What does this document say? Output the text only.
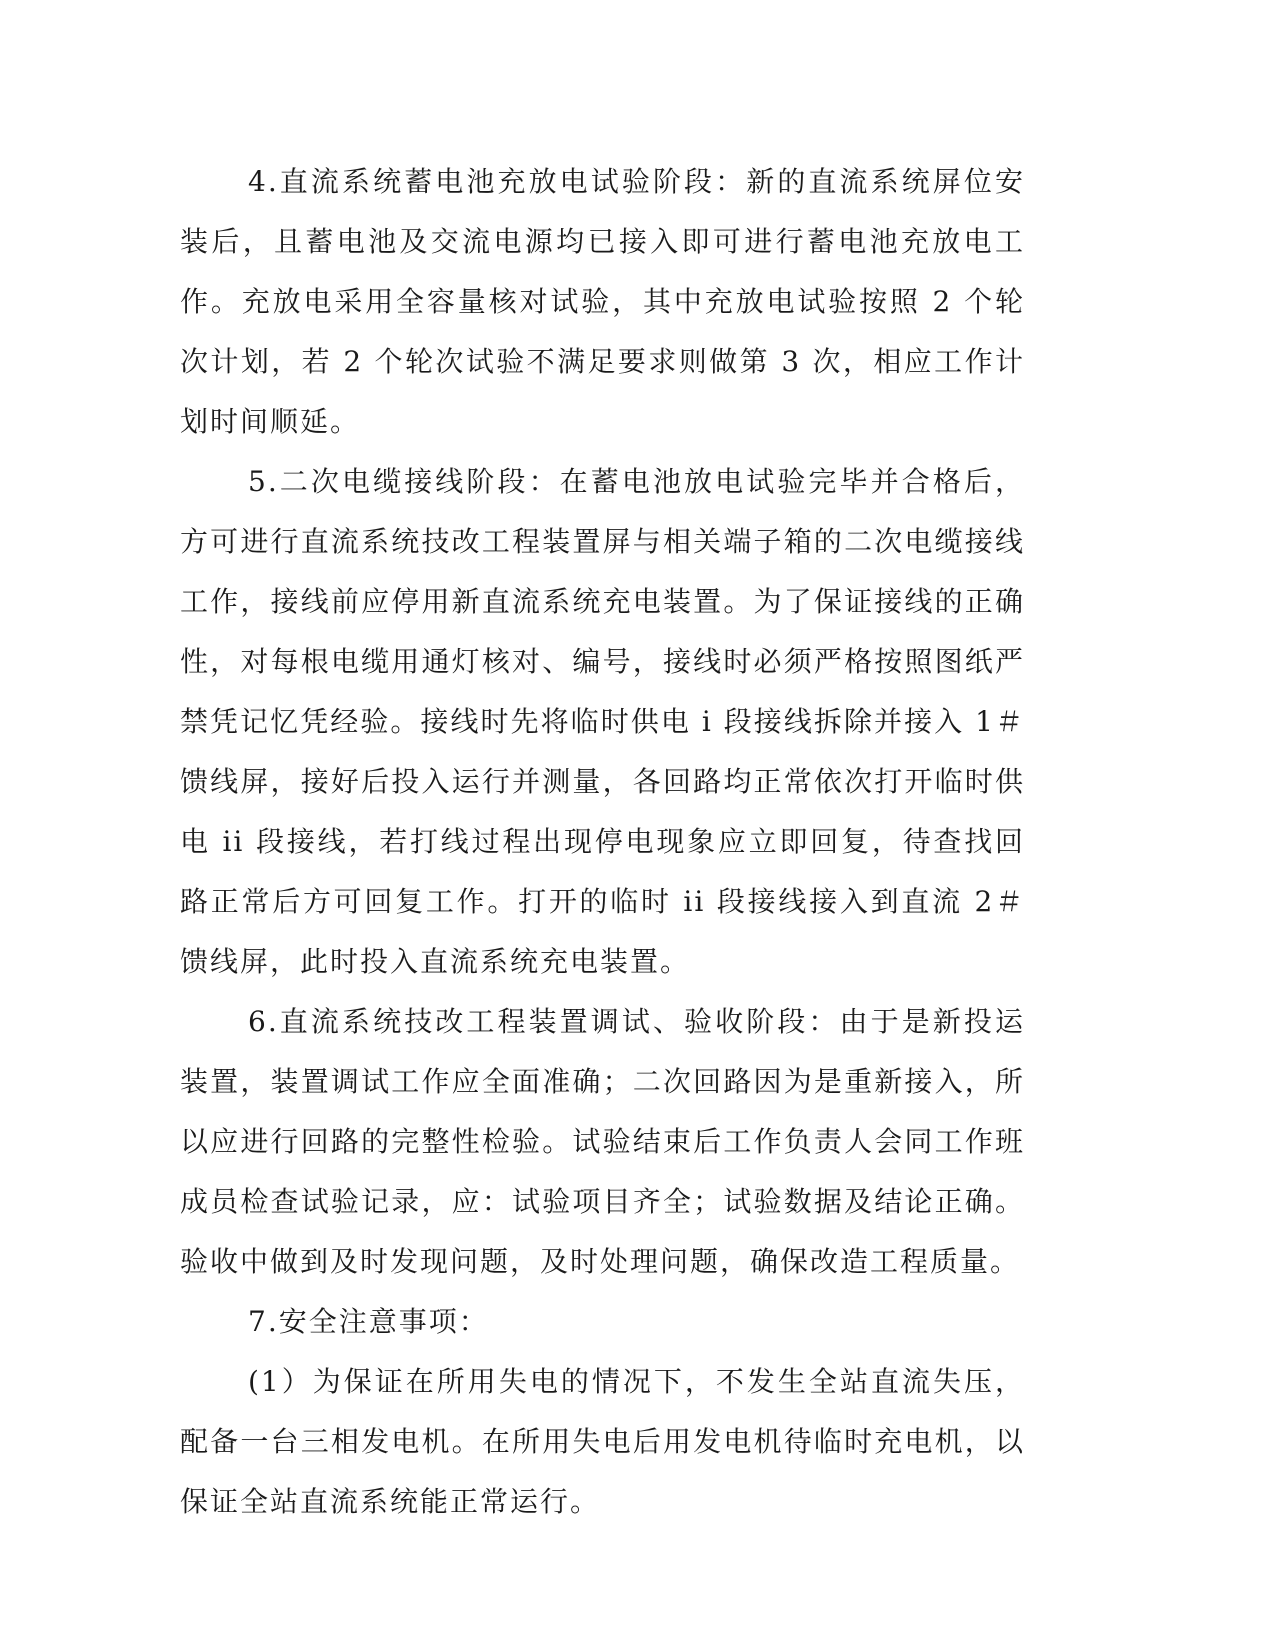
4.直流系统蓄电池充放电试验阶段：新的直流系统屏位安装后，且蓄电池及交流电源均已接入即可进行蓄电池充放电工作。充放电采用全容量核对试验，其中充放电试验按照 2 个轮次计划，若 2 个轮次试验不满足要求则做第 3 次，相应工作计划时间顺延。

5.二次电缆接线阶段：在蓄电池放电试验完毕并合格后，方可进行直流系统技改工程装置屏与相关端子箱的二次电缆接线工作，接线前应停用新直流系统充电装置。为了保证接线的正确性，对每根电缆用通灯核对、编号，接线时必须严格按照图纸严禁凭记忆凭经验。接线时先将临时供电 i 段接线拆除并接入 1＃馈线屏，接好后投入运行并测量，各回路均正常依次打开临时供电 ii 段接线，若打线过程出现停电现象应立即回复，待查找回路正常后方可回复工作。打开的临时 ii 段接线接入到直流 2＃馈线屏，此时投入直流系统充电装置。

6.直流系统技改工程装置调试、验收阶段：由于是新投运装置，装置调试工作应全面准确；二次回路因为是重新接入，所以应进行回路的完整性检验。试验结束后工作负责人会同工作班成员检查试验记录，应：试验项目齐全；试验数据及结论正确。验收中做到及时发现问题，及时处理问题，确保改造工程质量。

7.安全注意事项：

(1）为保证在所用失电的情况下，不发生全站直流失压，配备一台三相发电机。在所用失电后用发电机待临时充电机，以保证全站直流系统能正常运行。
